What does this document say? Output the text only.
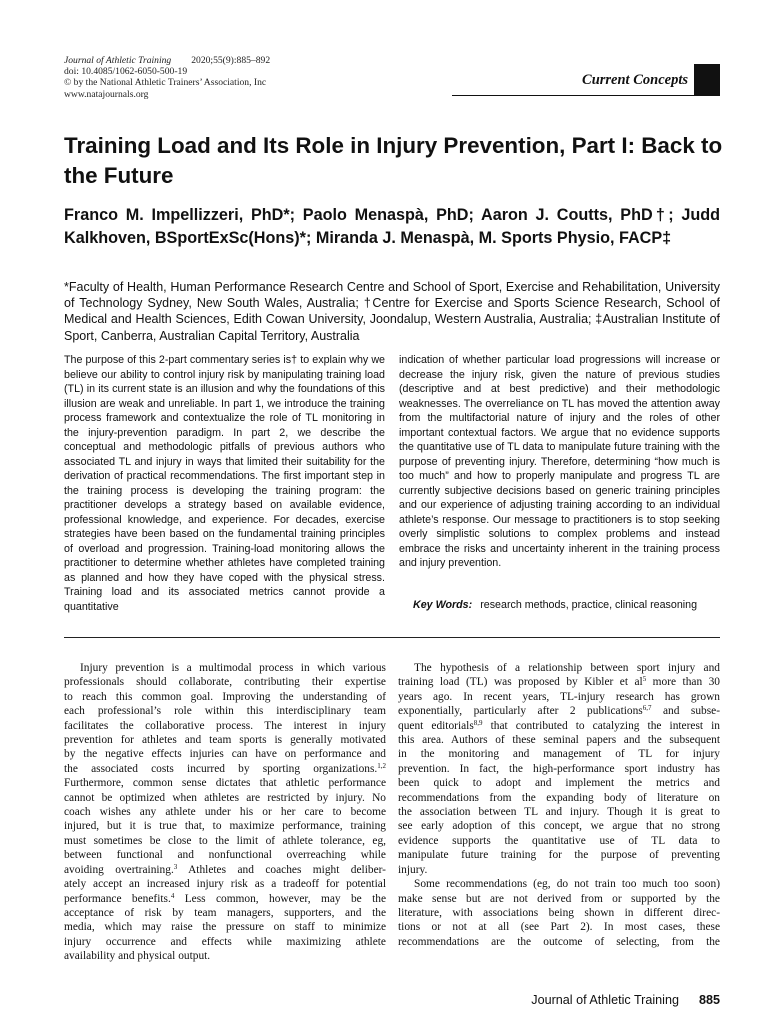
Journal of Athletic Training 2020;55(9):885–892
doi: 10.4085/1062-6050-500-19
© by the National Athletic Trainers’ Association, Inc
www.natajournals.org
Current Concepts
Training Load and Its Role in Injury Prevention, Part I: Back to the Future
Franco M. Impellizzeri, PhD*; Paolo Menaspà, PhD; Aaron J. Coutts, PhD†; Judd Kalkhoven, BSportExSc(Hons)*; Miranda J. Menaspà, M. Sports Physio, FACP‡
*Faculty of Health, Human Performance Research Centre and School of Sport, Exercise and Rehabilitation, University of Technology Sydney, New South Wales, Australia; †Centre for Exercise and Sports Science Research, School of Medical and Health Sciences, Edith Cowan University, Joondalup, Western Australia, Australia; ‡Australian Institute of Sport, Canberra, Australian Capital Territory, Australia
The purpose of this 2-part commentary series is† to explain why we believe our ability to control injury risk by manipulating training load (TL) in its current state is an illusion and why the foundations of this illusion are weak and unreliable. In part 1, we introduce the training process framework and contextualize the role of TL monitoring in the injury-prevention paradigm. In part 2, we describe the conceptual and methodologic pitfalls of previous authors who associated TL and injury in ways that limited their suitability for the derivation of practical recommendations. The first important step in the training process is developing the training program: the practitioner develops a strategy based on available evidence, professional knowledge, and experience. For decades, exercise strategies have been based on the fundamental training principles of overload and progression. Training-load monitoring allows the practitioner to determine whether athletes have completed training as planned and how they have coped with the physical stress. Training load and its associated metrics cannot provide a quantitative
indication of whether particular load progressions will increase or decrease the injury risk, given the nature of previous studies (descriptive and at best predictive) and their methodologic weaknesses. The overreliance on TL has moved the attention away from the multifactorial nature of injury and the roles of other important contextual factors. We argue that no evidence supports the quantitative use of TL data to manipulate future training with the purpose of preventing injury. Therefore, determining “how much is too much” and how to properly manipulate and progress TL are currently subjective decisions based on generic training principles and our experience of adjusting training according to an individual athlete’s response. Our message to practitioners is to stop seeking overly simplistic solutions to complex problems and instead embrace the risks and uncertainty inherent in the training process and injury prevention.
Key Words: research methods, practice, clinical reasoning

Injury prevention is a multimodal process in which various

professionals should collaborate, contributing their expertise
to reach this common goal. Improving the understanding of
each professional’s role within this interdisciplinary team
facilitates the collaborative process. The interest in injury
prevention for athletes and team sports is generally motivated
by the negative effects injuries can have on performance and
the associated costs incurred by sporting organizations.$^{1,2}$
Furthermore, common sense dictates that athletic performance
cannot be optimized when athletes are restricted by injury. No
coach wishes any athlete under his or her care to become
injured, but it is true that, to maximize performance, training
must sometimes be close to the limit of athlete tolerance, eg,
between functional and nonfunctional overreaching while
avoiding overtraining.$^3$ Athletes and coaches might deliber-
ately accept an increased injury risk as a tradeoff for potential
performance benefits.$^4$ Less common, however, may be the
acceptance of risk by team managers, supporters, and the
media, which may raise the pressure on staff to minimize
injury occurrence and effects while maximizing athlete
availability and physical output.

The hypothesis of a relationship between sport injury and

training load (TL) was proposed by Kibler et $al^5$ more than 30
years ago. In recent years, TL-injury research has grown
exponentially, particularly after 2 publications$^{6,7}$ and subse-
quent editorials$^{8,9}$ that contributed to catalyzing the interest in
this area. Authors of these seminal papers and the subsequent
in the monitoring and management of TL for injury
prevention. In fact, the high-performance sport industry has
been quick to adopt and implement the metrics and
recommendations from the expanding body of literature on
the association between TL and injury. Though it is great to
see early adoption of this concept, we argue that no strong
evidence supports the quantitative use of TL data to
manipulate future training for the purpose of preventing
injury.

Some recommendations (eg, do not train too much too soon)

make sense but are not derived from or supported by the
literature, with associations being shown in different direc-
tions or not at all (see Part 2). In most cases, these
recommendations are the outcome of selecting, from the
Journal of Athletic Training 885
